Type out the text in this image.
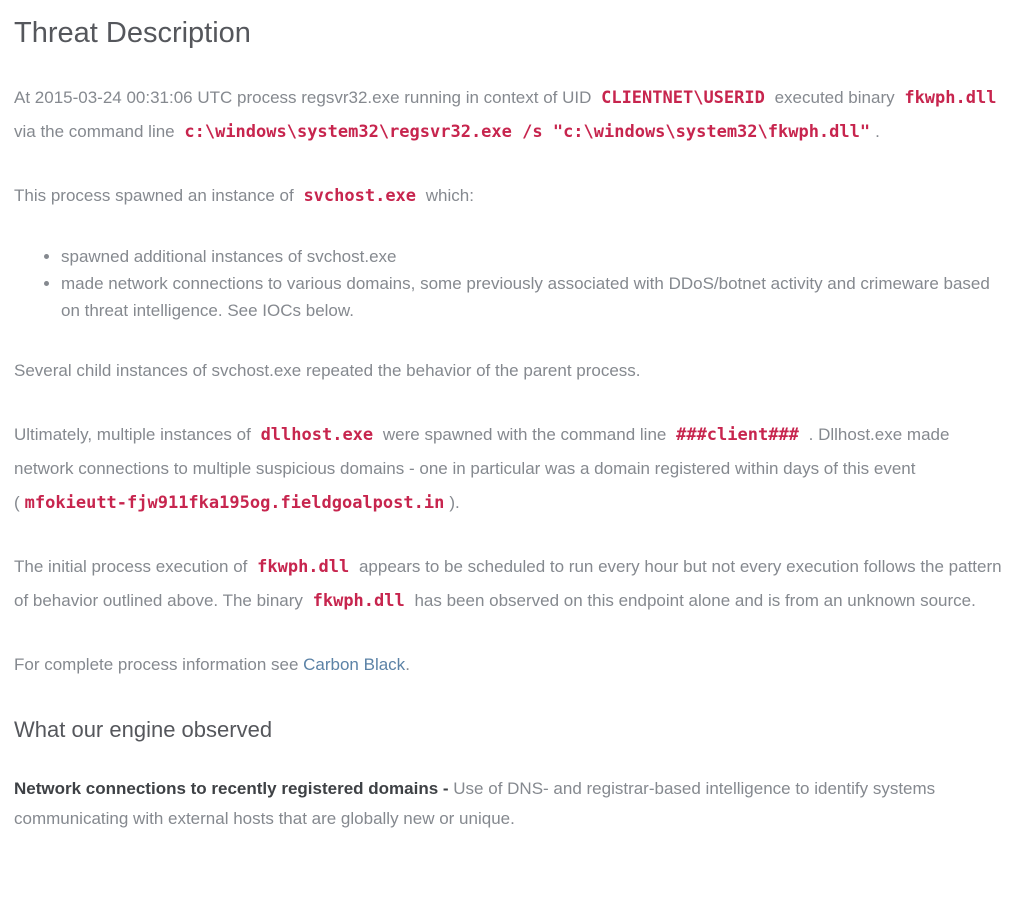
Threat Description

At 2015-03-24 00:31:06 UTC process regsvr32.exe running in context of UID CLIENTNET\USERID executed binary fkwph.dll via the command line c:\windows\system32\regsvr32.exe /s "c:\windows\system32\fkwph.dll" .

This process spawned an instance of svchost.exe which:

• spawned additional instances of svchost.exe
• made network connections to various domains, some previously associated with DDoS/botnet activity and crimeware based on threat intelligence. See IOCs below.

Several child instances of svchost.exe repeated the behavior of the parent process.

Ultimately, multiple instances of dllhost.exe were spawned with the command line ###client### . Dllhost.exe made network connections to multiple suspicious domains - one in particular was a domain registered within days of this event ( mfokieutt-fjw911fka195og.fieldgoalpost.in ).

The initial process execution of fkwph.dll appears to be scheduled to run every hour but not every execution follows the pattern of behavior outlined above. The binary fkwph.dll has been observed on this endpoint alone and is from an unknown source.

For complete process information see Carbon Black.

What our engine observed

Network connections to recently registered domains - Use of DNS- and registrar-based intelligence to identify systems communicating with external hosts that are globally new or unique.
